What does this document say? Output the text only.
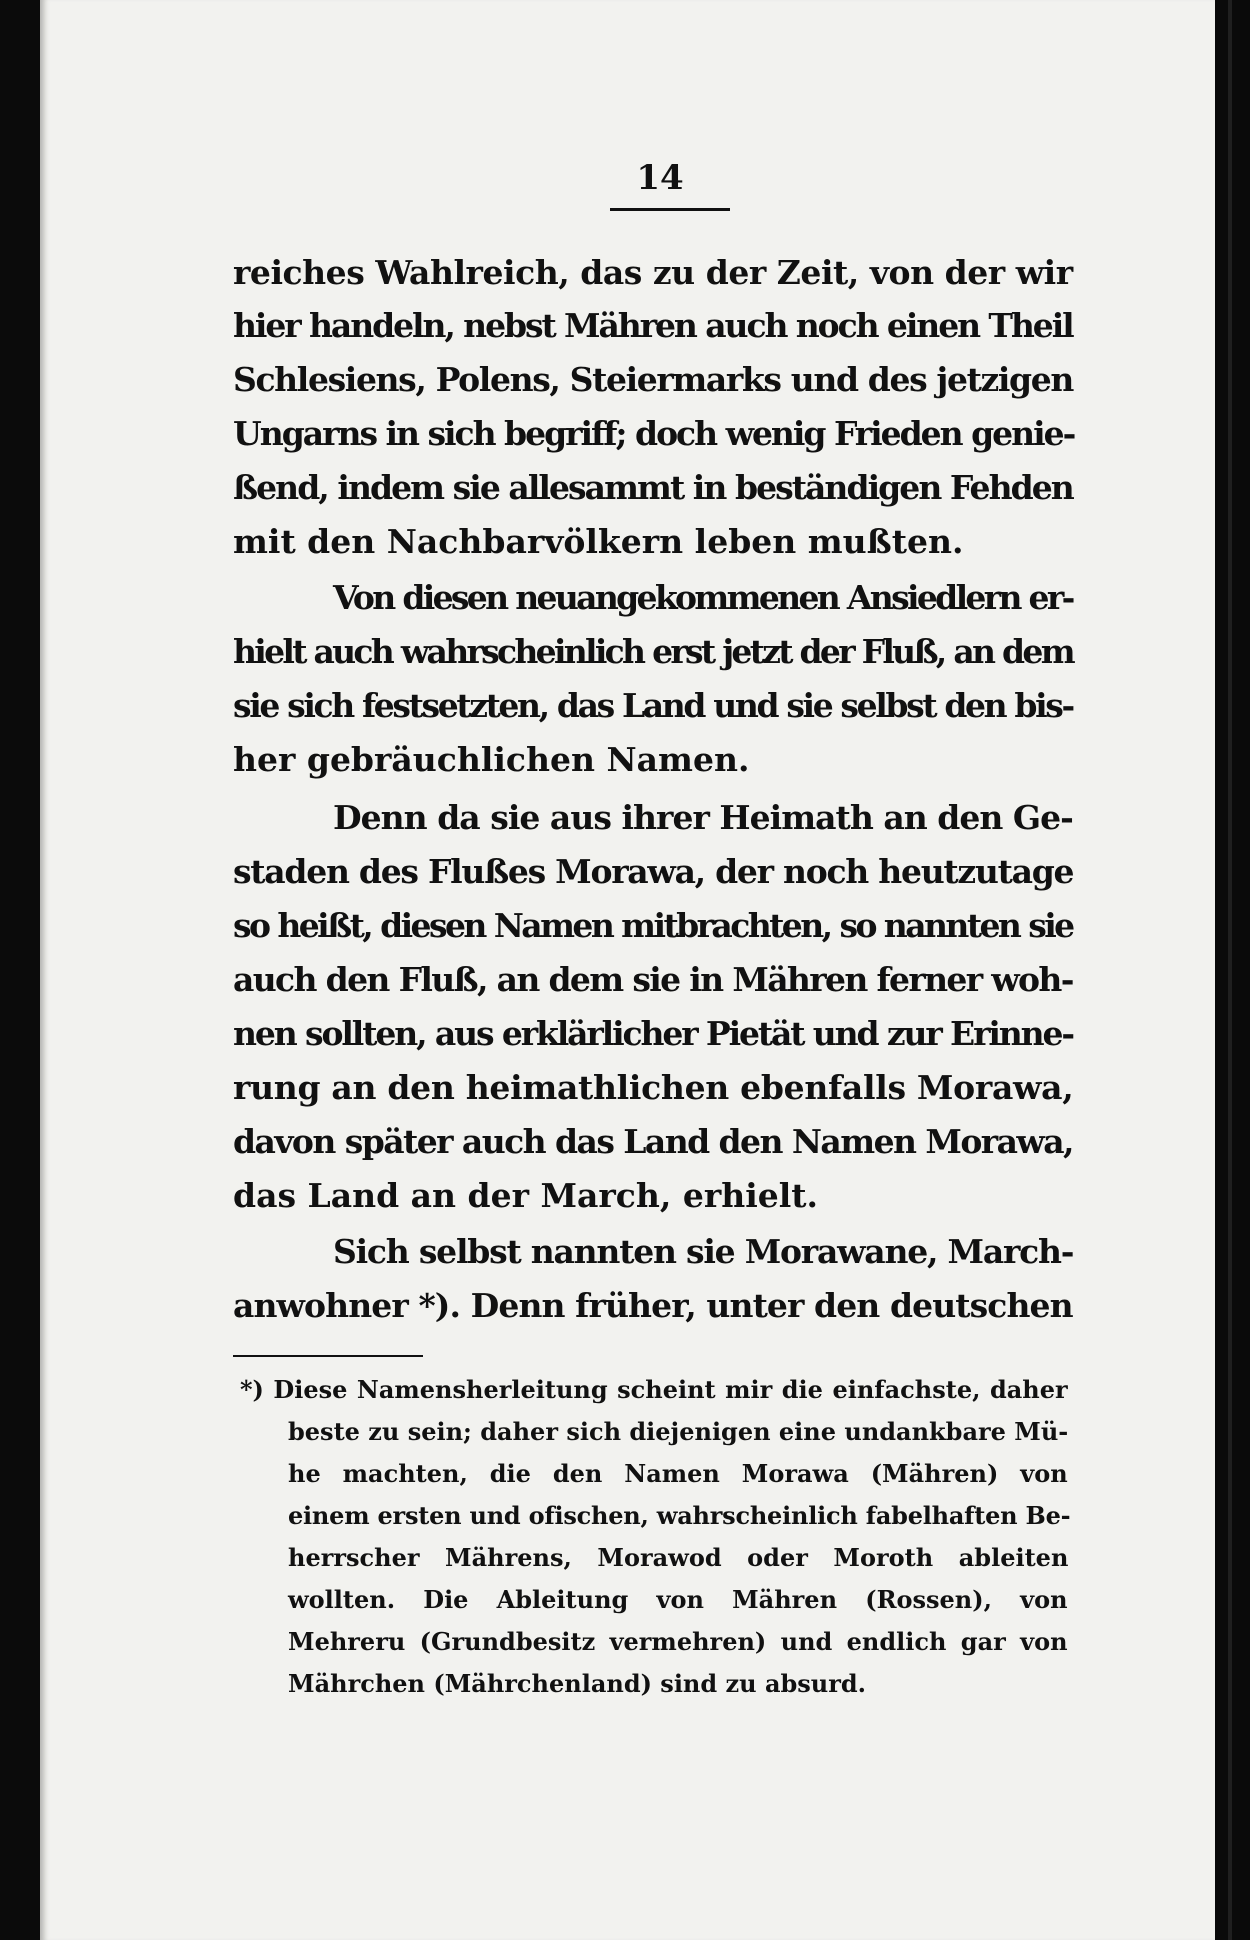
14
reiches Wahlreich, das zu der Zeit, von der wir
hier handeln, nebst Mähren auch noch einen Theil
Schlesiens, Polens, Steiermarks und des jetzigen
Ungarns in sich begriff; doch wenig Frieden genie-
ßend, indem sie allesammt in beständigen Fehden
mit den Nachbarvölkern leben mußten.
Von diesen neuangekommenen Ansiedlern er-
hielt auch wahrscheinlich erst jetzt der Fluß, an dem
sie sich festsetzten, das Land und sie selbst den bis-
her gebräuchlichen Namen.
Denn da sie aus ihrer Heimath an den Ge-
staden des Flußes Morawa, der noch heutzutage
so heißt, diesen Namen mitbrachten, so nannten sie
auch den Fluß, an dem sie in Mähren ferner woh-
nen sollten, aus erklärlicher Pietät und zur Erinne-
rung an den heimathlichen ebenfalls Morawa,
davon später auch das Land den Namen Morawa,
das Land an der March, erhielt.
Sich selbst nannten sie Morawane, March-
anwohner *). Denn früher, unter den deutschen
*) Diese Namensherleitung scheint mir die einfachste, daher
beste zu sein; daher sich diejenigen eine undankbare Mü-
he machten, die den Namen Morawa (Mähren) von
einem ersten und ofischen, wahrscheinlich fabelhaften Be-
herrscher Mährens, Morawod oder Moroth ableiten
wollten. Die Ableitung von Mähren (Rossen), von
Mehreru (Grundbesitz vermehren) und endlich gar von
Mährchen (Mährchenland) sind zu absurd.
